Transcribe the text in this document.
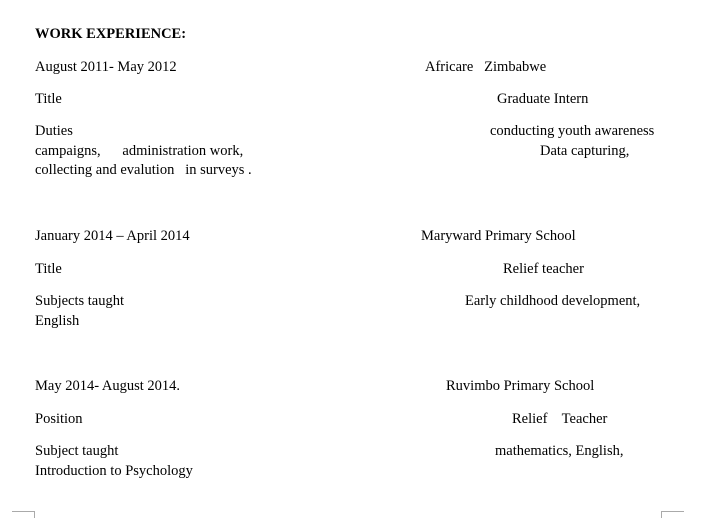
WORK EXPERIENCE:
August 2011- May 2012	Africare   Zimbabwe
Title	Graduate Intern
Duties	conducting youth awareness
campaigns,      administration work,	Data capturing,
collecting and evalution   in surveys .
January 2014 – April 2014	Maryward Primary School
Title	Relief teacher
Subjects taught	Early childhood development,
English
May 2014- August 2014.	Ruvimbo Primary School
Position	Relief    Teacher
Subject taught	mathematics, English,
Introduction to Psychology
